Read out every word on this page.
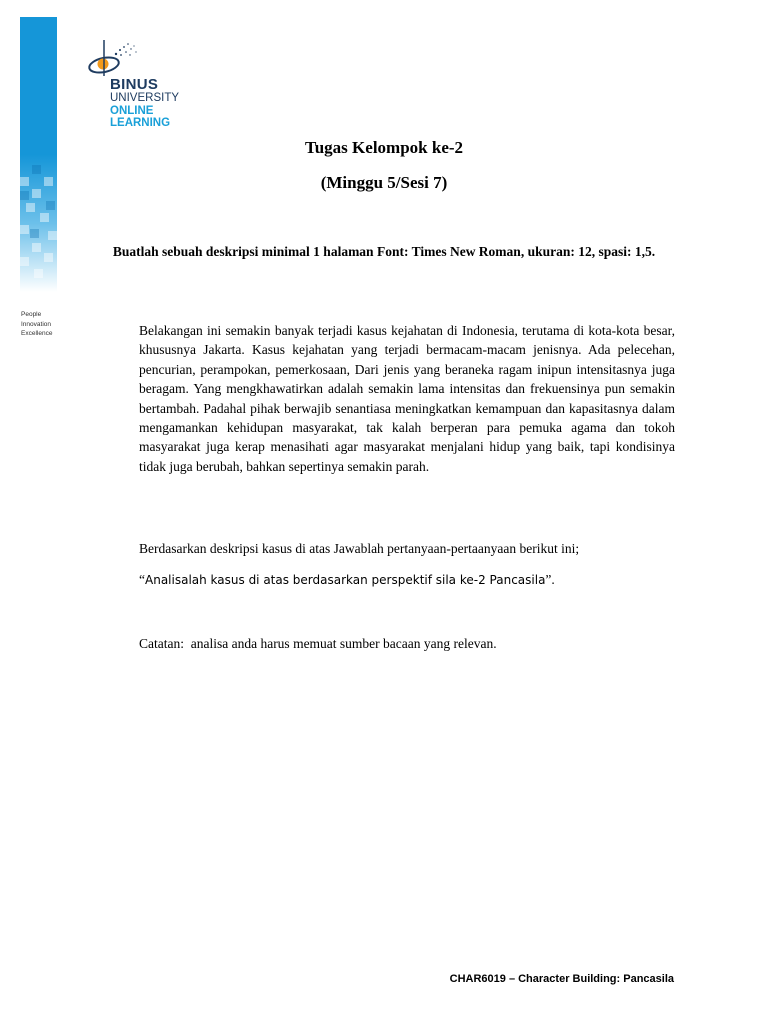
People
Innovation
Excellence
BINUS
UNIVERSITY
ONLINE
LEARNING
Tugas Kelompok ke-2
(Minggu 5/Sesi 7)
Buatlah sebuah deskripsi minimal 1 halaman Font: Times New Roman, ukuran: 12, spasi: 1,5.

Belakangan ini semakin banyak terjadi kasus kejahatan di Indonesia, terutama di kota-kota besar, khususnya Jakarta. Kasus kejahatan yang terjadi bermacam-macam jenisnya. Ada pelecehan, pencurian, perampokan, pemerkosaan, Dari jenis yang beraneka ragam inipun intensitasnya juga beragam. Yang mengkhawatirkan adalah semakin lama intensitas dan frekuensinya pun semakin bertambah. Padahal pihak berwajib senantiasa meningkatkan kemampuan dan kapasitasnya dalam mengamankan kehidupan masyarakat, tak kalah berperan para pemuka agama dan tokoh masyarakat juga kerap menasihati agar masyarakat menjalani hidup yang baik, tapi kondisinya tidak juga berubah, bahkan sepertinya semakin parah.

Berdasarkan deskripsi kasus di atas Jawablah pertanyaan-pertaanyaan berikut ini;
“Analisalah kasus di atas berdasarkan perspektif sila ke-2 Pancasila”.
Catatan:  analisa anda harus memuat sumber bacaan yang relevan.
CHAR6019 – Character Building: Pancasila
